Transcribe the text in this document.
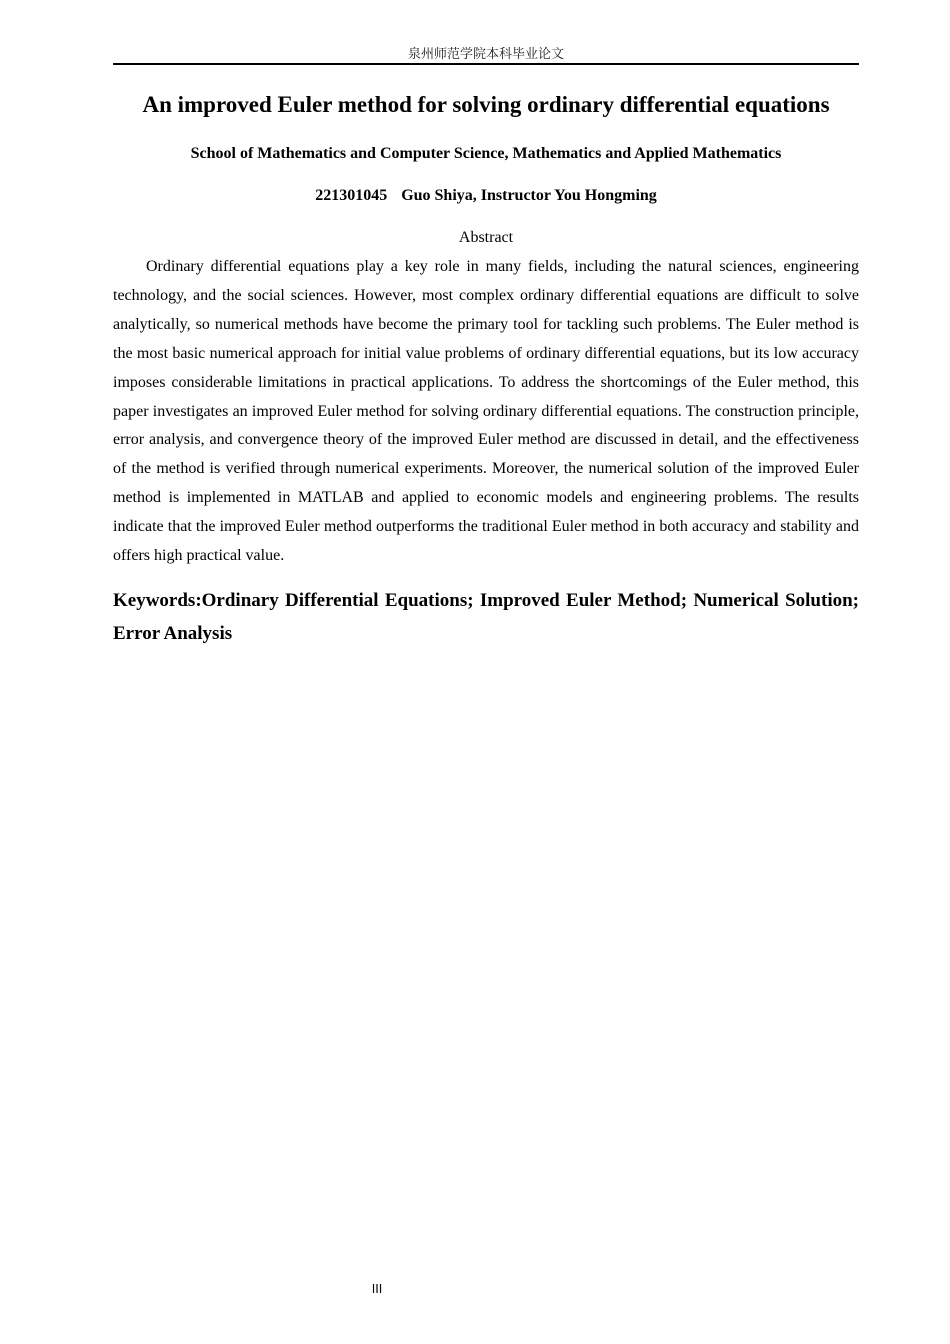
泉州师范学院本科毕业论文
An improved Euler method for solving ordinary differential equations

School of Mathematics and Computer Science, Mathematics and Applied Mathematics

221301045 Guo Shiya, Instructor You Hongming

Abstract

Ordinary differential equations play a key role in many fields, including the natural sciences, engineering technology, and the social sciences. However, most complex ordinary differential equations are difficult to solve analytically, so numerical methods have become the primary tool for tackling such problems. The Euler method is the most basic numerical approach for initial value problems of ordinary differential equations, but its low accuracy imposes considerable limitations in practical applications. To address the shortcomings of the Euler method, this paper investigates an improved Euler method for solving ordinary differential equations. The construction principle, error analysis, and convergence theory of the improved Euler method are discussed in detail, and the effectiveness of the method is verified through numerical experiments. Moreover, the numerical solution of the improved Euler method is implemented in MATLAB and applied to economic models and engineering problems. The results indicate that the improved Euler method outperforms the traditional Euler method in both accuracy and stability and offers high practical value.

Keywords:Ordinary Differential Equations; Improved Euler Method; Numerical Solution; Error Analysis

III
